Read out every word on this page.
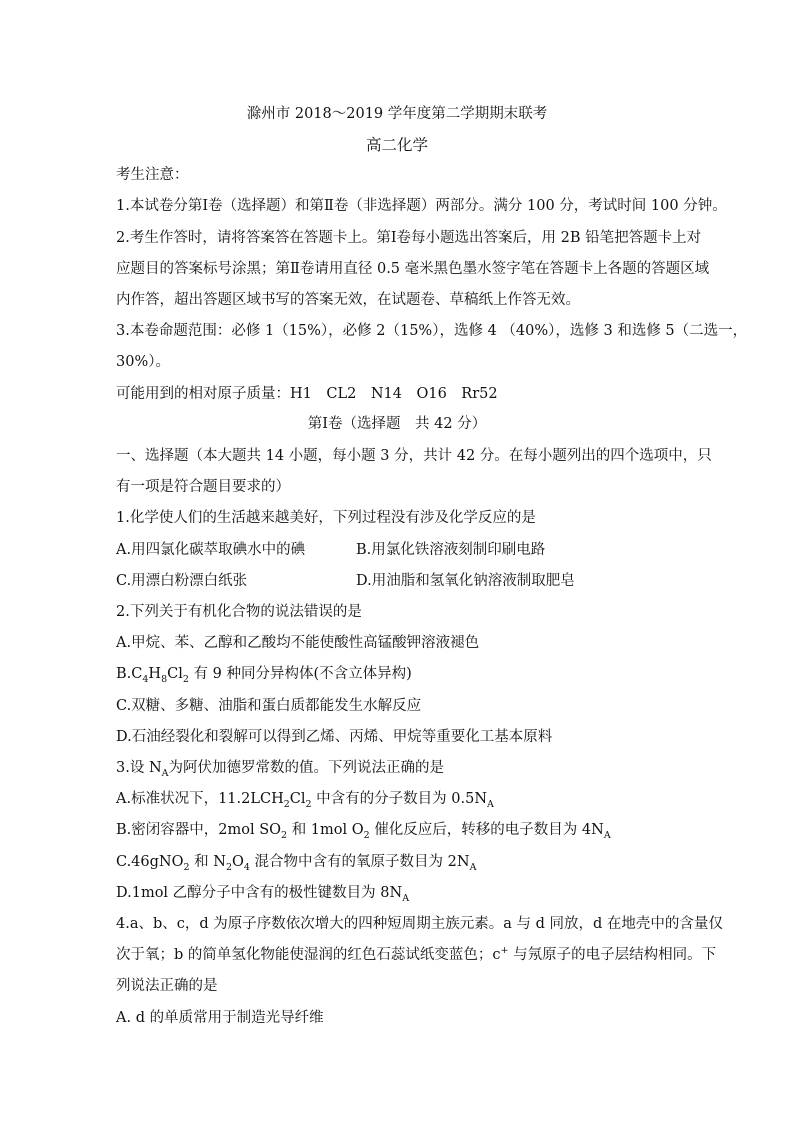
滁州市 2018～2019 学年度第二学期期末联考
高二化学
考生注意：
1.本试卷分第Ⅰ卷（选择题）和第Ⅱ卷（非选择题）两部分。满分 100 分，考试时间 100 分钟。
2.考生作答时，请将答案答在答题卡上。第Ⅰ卷每小题选出答案后，用 2B 铅笔把答题卡上对
应题目的答案标号涂黑；第Ⅱ卷请用直径 0.5 毫米黑色墨水签字笔在答题卡上各题的答题区域
内作答，超出答题区域书写的答案无效，在试题卷、草稿纸上作答无效。
3.本卷命题范围：必修 1（15%），必修 2（15%），选修 4 （40%），选修 3 和选修 5（二选一，
30%）。
可能用到的相对原子质量：H1　CL2　N14　O16　Rr52
第Ⅰ卷（选择题　共 42 分）
一、选择题（本大题共 14 小题，每小题 3 分，共计 42 分。在每小题列出的四个选项中，只
有一项是符合题目要求的）
1.化学使人们的生活越来越美好，下列过程没有涉及化学反应的是
A.用四氯化碳萃取碘水中的碘	B.用氯化铁溶液刻制印刷电路
C.用漂白粉漂白纸张	D.用油脂和氢氧化钠溶液制取肥皂
2.下列关于有机化合物的说法错误的是
A.甲烷、苯、乙醇和乙酸均不能使酸性高锰酸钾溶液褪色
$B.C_4H_8Cl_2$ 有 9 种同分异构体(不含立体异构)
C.双糖、多糖、油脂和蛋白质都能发生水解反应
D.石油经裂化和裂解可以得到乙烯、丙烯、甲烷等重要化工基本原料
3.设 $N_A$为阿伏加德罗常数的值。下列说法正确的是
A.标准状况下，$11.2LCH_2Cl_2$ 中含有的分子数目为 $0.5N_A$
B.密闭容器中，2mol $SO_2$ 和 1mol $O_2$ 催化反应后，转移的电子数目为 $4N_A$
C.46gNO$_2$ 和 $N_2O_4$ 混合物中含有的氧原子数目为 $2N_A$
D.1mol 乙醇分子中含有的极性键数目为 $8N_A$
4.a、b、c，d 为原子序数依次增大的四种短周期主族元素。a 与 d 同放，d 在地壳中的含量仅
次于氧；b 的简单氢化物能使湿润的红色石蕊试纸变蓝色；c+ 与氖原子的电子层结构相同。下
列说法正确的是
A. d 的单质常用于制造光导纤维
